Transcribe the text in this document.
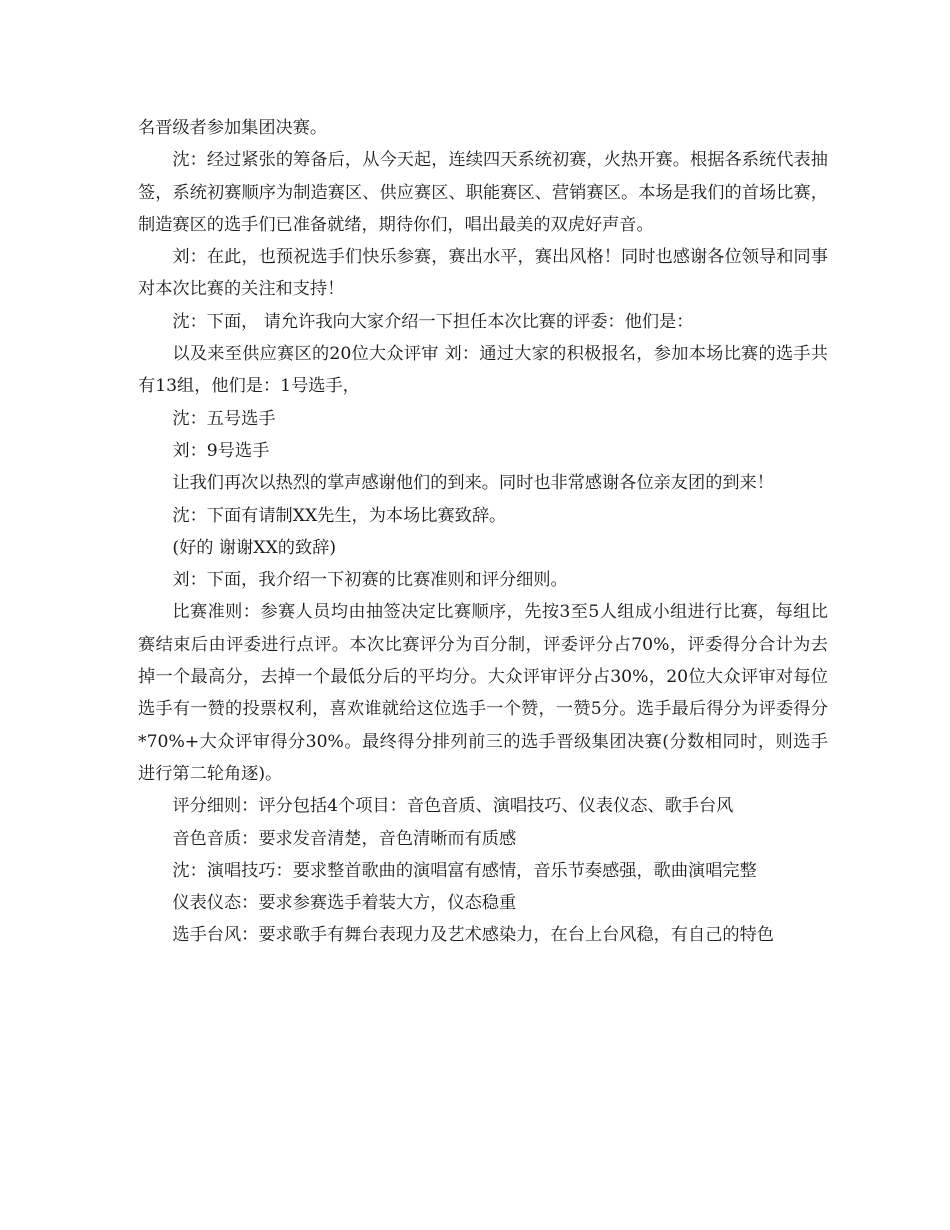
名晋级者参加集团决赛。

沈：经过紧张的筹备后，从今天起，连续四天系统初赛，火热开赛。根据各系统代表抽签，系统初赛顺序为制造赛区、供应赛区、职能赛区、营销赛区。本场是我们的首场比赛，制造赛区的选手们已准备就绪，期待你们，唱出最美的双虎好声音。

刘：在此，也预祝选手们快乐参赛，赛出水平，赛出风格！同时也感谢各位领导和同事对本次比赛的关注和支持！

沈：下面， 请允许我向大家介绍一下担任本次比赛的评委：他们是：

以及来至供应赛区的20位大众评审 刘：通过大家的积极报名，参加本场比赛的选手共有13组，他们是：1号选手，

沈：五号选手

刘：9号选手

让我们再次以热烈的掌声感谢他们的到来。同时也非常感谢各位亲友团的到来！

沈：下面有请制XX先生，为本场比赛致辞。

(好的 谢谢XX的致辞)

刘：下面，我介绍一下初赛的比赛准则和评分细则。

比赛准则：参赛人员均由抽签决定比赛顺序，先按3至5人组成小组进行比赛，每组比赛结束后由评委进行点评。本次比赛评分为百分制，评委评分占70%，评委得分合计为去掉一个最高分，去掉一个最低分后的平均分。大众评审评分占30%，20位大众评审对每位选手有一赞的投票权利，喜欢谁就给这位选手一个赞，一赞5分。选手最后得分为评委得分*70%+大众评审得分30%。最终得分排列前三的选手晋级集团决赛(分数相同时，则选手进行第二轮角逐)。

评分细则：评分包括4个项目：音色音质、演唱技巧、仪表仪态、歌手台风

音色音质：要求发音清楚，音色清晰而有质感

沈：演唱技巧：要求整首歌曲的演唱富有感情，音乐节奏感强，歌曲演唱完整

仪表仪态：要求参赛选手着装大方，仪态稳重

选手台风：要求歌手有舞台表现力及艺术感染力，在台上台风稳，有自己的特色
